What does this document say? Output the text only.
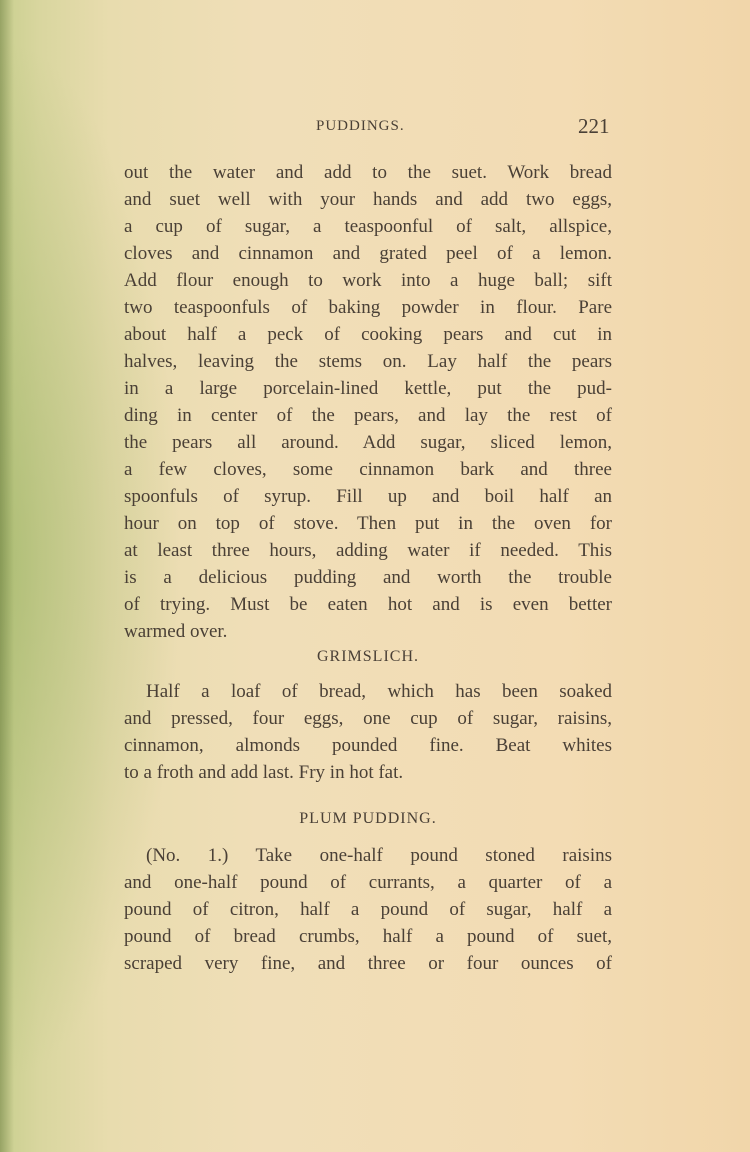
PUDDINGS.	221
out the water and add to the suet. Work bread
and suet well with your hands and add two eggs,
a cup of sugar, a teaspoonful of salt, allspice,
cloves and cinnamon and grated peel of a lemon.
Add flour enough to work into a huge ball; sift
two teaspoonfuls of baking powder in flour. Pare
about half a peck of cooking pears and cut in
halves, leaving the stems on. Lay half the pears
in a large porcelain-lined kettle, put the pud-
ding in center of the pears, and lay the rest of
the pears all around. Add sugar, sliced lemon,
a few cloves, some cinnamon bark and three
spoonfuls of syrup. Fill up and boil half an
hour on top of stove. Then put in the oven for
at least three hours, adding water if needed. This
is a delicious pudding and worth the trouble
of trying. Must be eaten hot and is even better
warmed over.
GRIMSLICH.
Half a loaf of bread, which has been soaked
and pressed, four eggs, one cup of sugar, raisins,
cinnamon, almonds pounded fine. Beat whites
to a froth and add last. Fry in hot fat.
PLUM PUDDING.
(No. 1.) Take one-half pound stoned raisins
and one-half pound of currants, a quarter of a
pound of citron, half a pound of sugar, half a
pound of bread crumbs, half a pound of suet,
scraped very fine, and three or four ounces of
